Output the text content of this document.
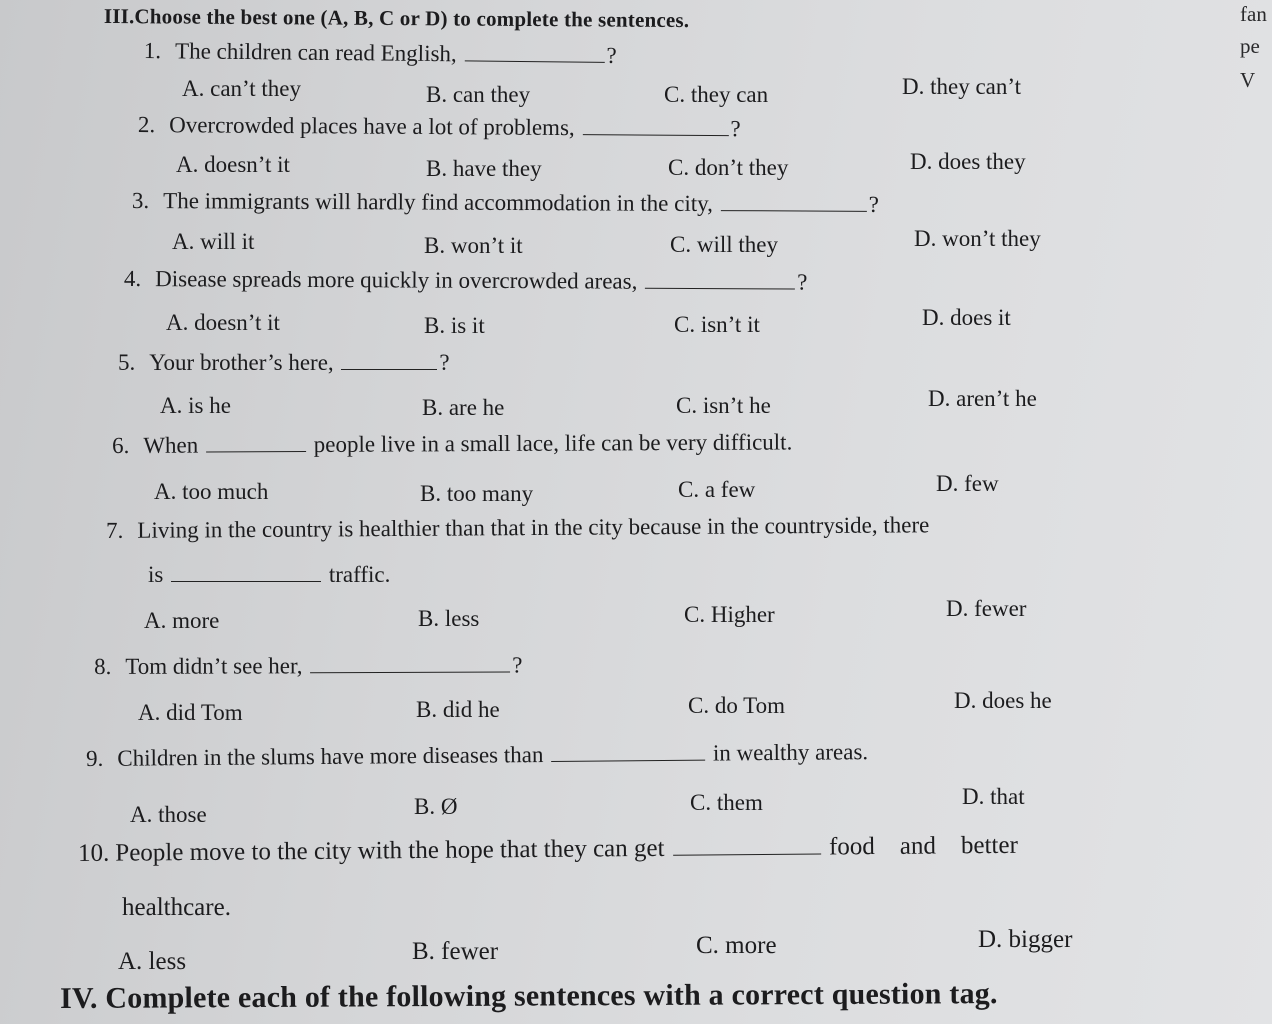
III.Choose the best one (A, B, C or D) to complete the sentences.	fan
pe
V
1. The children can read English,	?
A. can’t they	B. can they	C. they can	D. they can’t
2. Overcrowded places have a lot of problems,	?
A. doesn’t it	B. have they	C. don’t they	D. does they
3. The immigrants will hardly find accommodation in the city,	?
A. will it	B. won’t it	C. will they	D. won’t they
4. Disease spreads more quickly in overcrowded areas,	?
A. doesn’t it	B. is it	C. isn’t it	D. does it
5. Your brother’s here,	?
A. is he	B. are he	C. isn’t he	D. aren’t he
6. When	people live in a small lace, life can be very difficult.
A. too much	B. too many	C. a few	D. few
7. Living in the country is healthier than that in the city because in the countryside, there
is	traffic.
A. more	B. less	C. Higher	D. fewer
8. Tom didn’t see her,	?
A. did Tom	B. did he	C. do Tom	D. does he
9. Children in the slums have more diseases than	in wealthy areas.
A. those	B. Ø	C. them	D. that
10. People move to the city with the hope that they can get	food    and    better
healthcare.
A. less	B. fewer	C. more	D. bigger
IV. Complete each of the following sentences with a correct question tag.
